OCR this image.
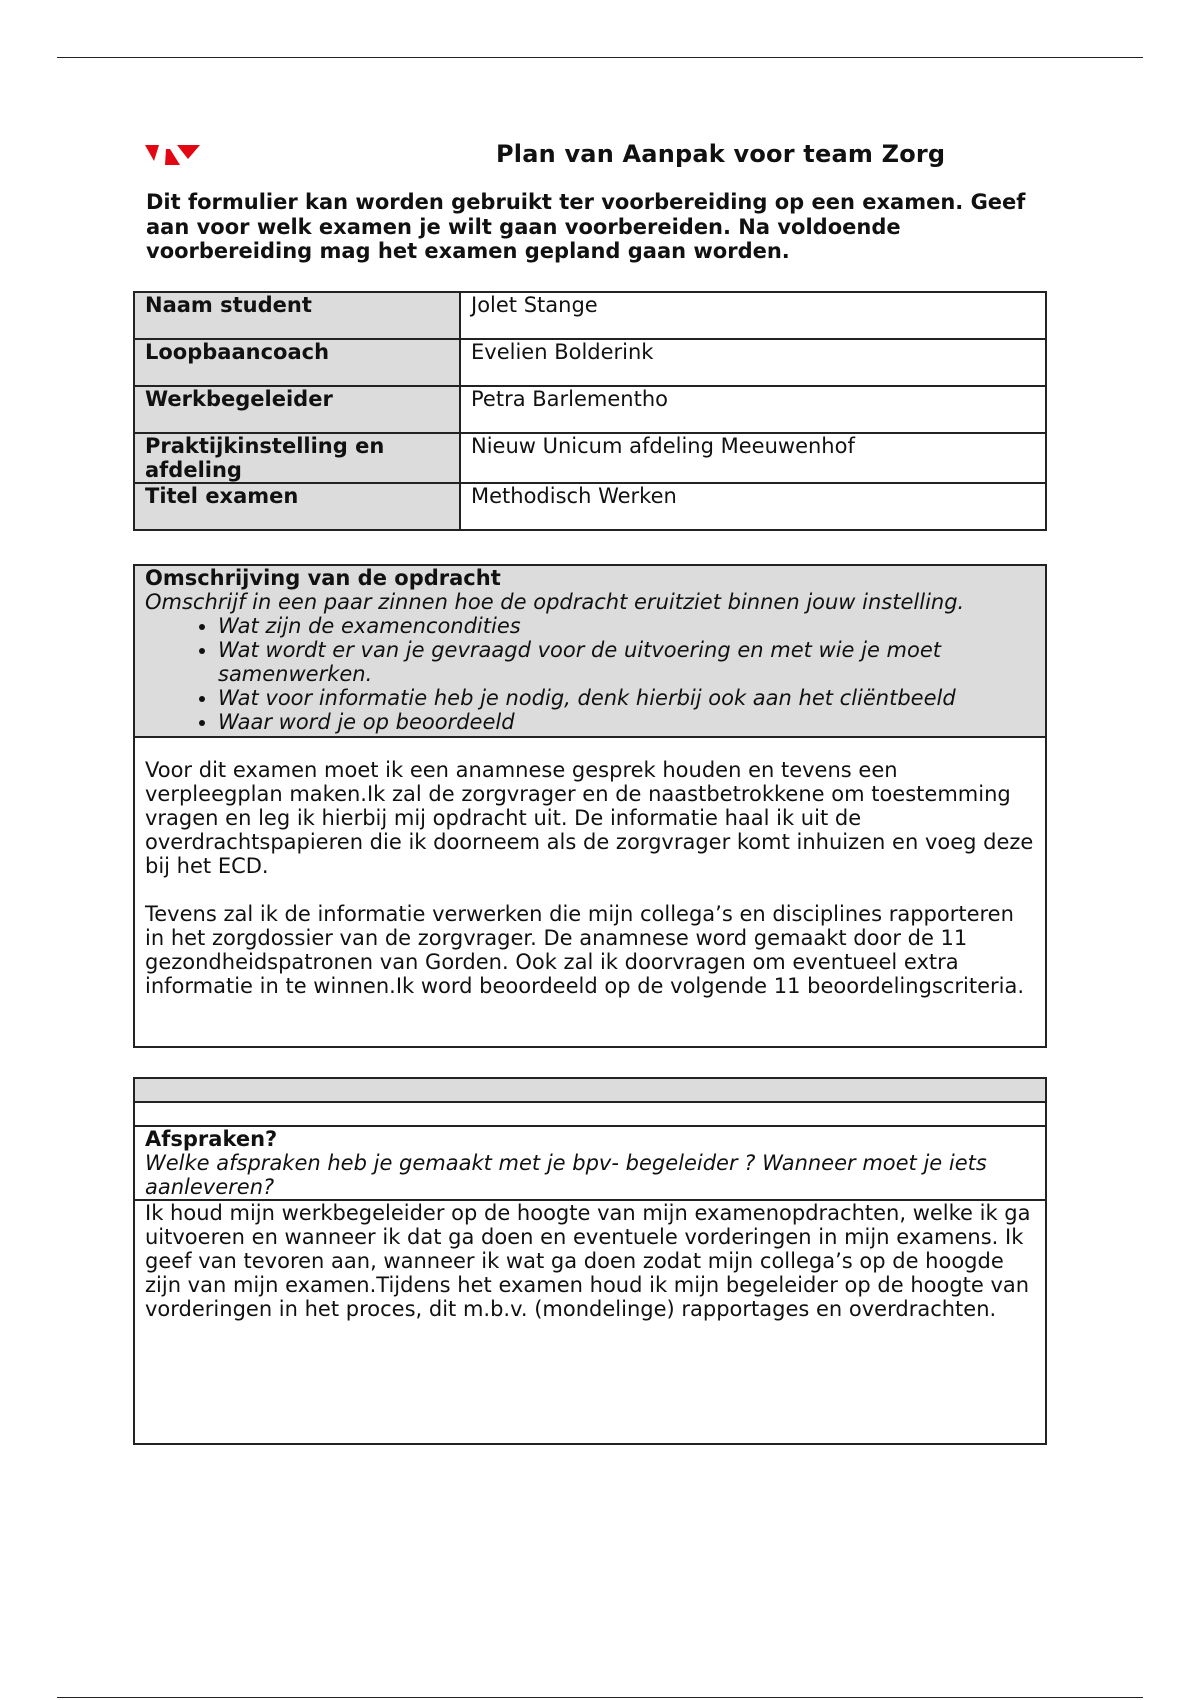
Plan van Aanpak voor team Zorg
Dit formulier kan worden gebruikt ter voorbereiding op een examen. Geef aan voor welk examen je wilt gaan voorbereiden. Na voldoende voorbereiding mag het examen gepland gaan worden.
Naam student	Jolet Stange
Loopbaancoach	Evelien Bolderink
Werkbegeleider	Petra Barlementho
Praktijkinstelling en afdeling	Nieuw Unicum afdeling Meeuwenhof
Titel examen	Methodisch Werken
Omschrijving van de opdracht
Omschrijf in een paar zinnen hoe de opdracht eruitziet binnen jouw instelling.
• Wat zijn de examencondities
• Wat wordt er van je gevraagd voor de uitvoering en met wie je moet samenwerken.
• Wat voor informatie heb je nodig, denk hierbij ook aan het cliëntbeeld
• Waar word je op beoordeeld

Voor dit examen moet ik een anamnese gesprek houden en tevens een verpleegplan maken.Ik zal de zorgvrager en de naastbetrokkene om toestemming vragen en leg ik hierbij mij opdracht uit. De informatie haal ik uit de overdrachtspapieren die ik doorneem als de zorgvrager komt inhuizen en voeg deze bij het ECD.

Tevens zal ik de informatie verwerken die mijn collega’s en disciplines rapporteren in het zorgdossier van de zorgvrager. De anamnese word gemaakt door de 11 gezondheidspatronen van Gorden. Ook zal ik doorvragen om eventueel extra informatie in te winnen.Ik word beoordeeld op de volgende 11 beoordelingscriteria.

Afspraken?
Welke afspraken heb je gemaakt met je bpv- begeleider ? Wanneer moet je iets aanleveren?

Ik houd mijn werkbegeleider op de hoogte van mijn examenopdrachten, welke ik ga uitvoeren en wanneer ik dat ga doen en eventuele vorderingen in mijn examens. Ik geef van tevoren aan, wanneer ik wat ga doen zodat mijn collega’s op de hoogde zijn van mijn examen.Tijdens het examen houd ik mijn begeleider op de hoogte van vorderingen in het proces, dit m.b.v. (mondelinge) rapportages en overdrachten.
